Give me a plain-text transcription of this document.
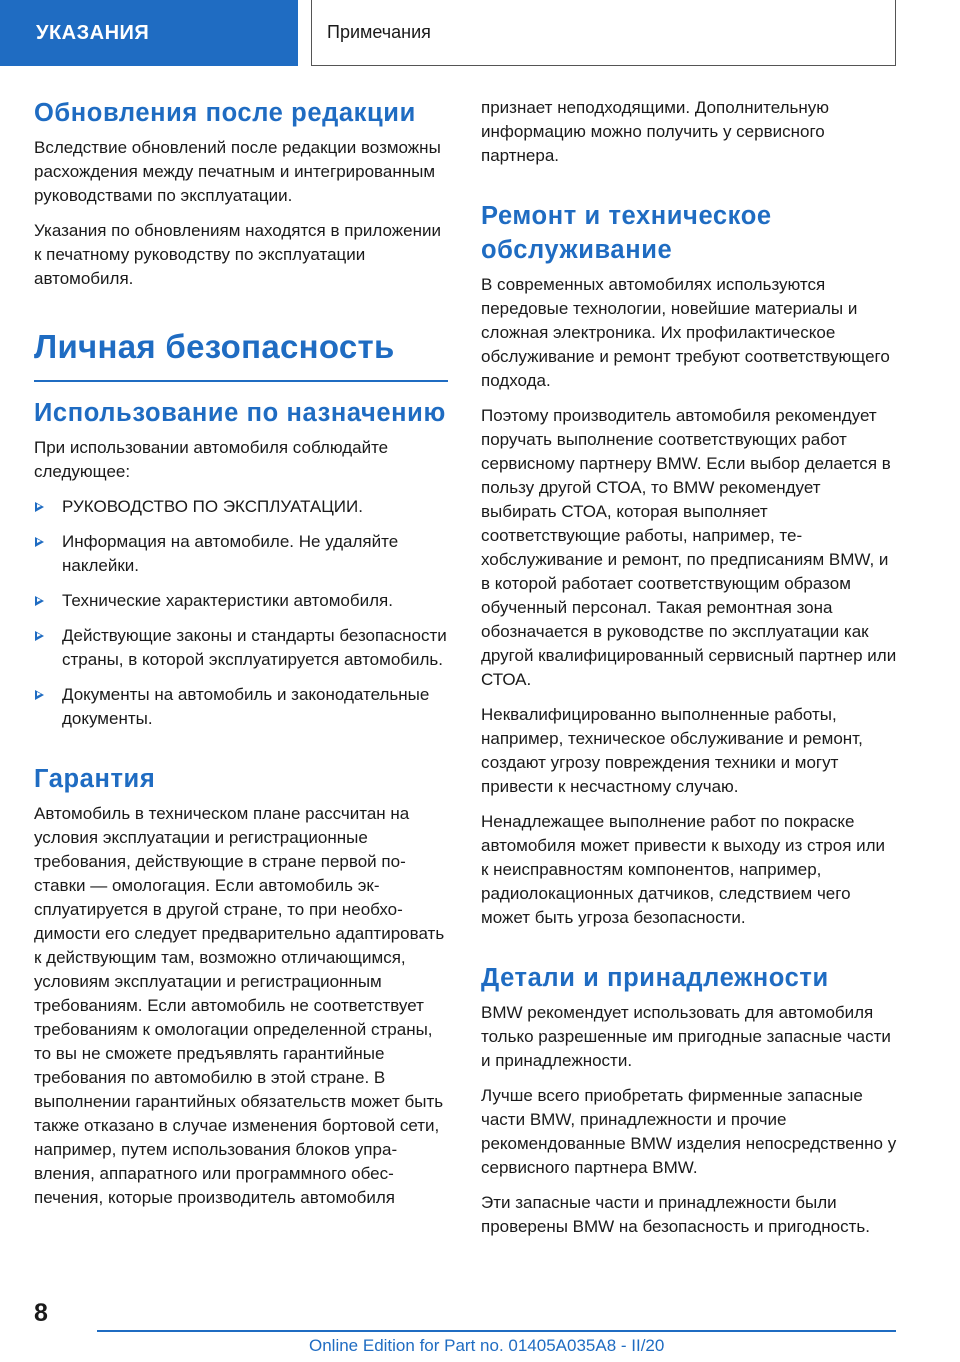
УКАЗАНИЯ	Примечания
Обновления после редакции

Вследствие обновлений после редакции возможны расхождения между печатным и интегрированным руководствами по эксплуатации.

Указания по обновлениям находятся в приложении к печатному руководству по эксплуатации автомобиля.

Личная безопасность
Использование по назначению

При использовании автомобиля соблюдайте следующее:

РУКОВОДСТВО ПО ЭКСПЛУАТАЦИИ.
Информация на автомобиле. Не удаляйте наклейки.
Технические характеристики автомобиля.
Действующие законы и стандарты безопасности страны, в которой эксплуатируется автомобиль.
Документы на автомобиль и законодательные документы.
Гарантия

Автомобиль в техническом плане рассчитан на условия эксплуатации и регистрационные требования, действующие в стране первой поставки — омологация. Если автомобиль эксплуатируется в другой стране, то при необходимости его следует предварительно адаптировать к действующим там, возможно отличающимся, условиям эксплуатации и регистрационным требованиям. Если автомобиль не соответствует требованиям к омологации определенной страны, то вы не сможете предъявлять гарантийные требования по автомобилю в этой стране. В выполнении гарантийных обязательств может быть также отказано в случае изменения бортовой сети, например, путем использования блоков управления, аппаратного или программного обеспечения, которые производитель автомобиля

признает неподходящими. Дополнительную информацию можно получить у сервисного партнера.

Ремонт и техническое обслуживание

В современных автомобилях используются передовые технологии, новейшие материалы и сложная электроника. Их профилактическое обслуживание и ремонт требуют соответствующего подхода.

Поэтому производитель автомобиля рекомендует поручать выполнение соответствующих работ сервисному партнеру BMW. Если выбор делается в пользу другой СТОА, то BMW рекомендует выбирать СТОА, которая выполняет соответствующие работы, например, техобслуживание и ремонт, по предписаниям BMW, и в которой работает соответствующим образом обученный персонал. Такая ремонтная зона обозначается в руководстве по эксплуатации как другой квалифицированный сервисный партнер или СТОА.

Неквалифицированно выполненные работы, например, техническое обслуживание и ремонт, создают угрозу повреждения техники и могут привести к несчастному случаю.

Ненадлежащее выполнение работ по покраске автомобиля может привести к выходу из строя или к неисправностям компонентов, например, радиолокационных датчиков, следствием чего может быть угроза безопасности.

Детали и принадлежности

BMW рекомендует использовать для автомобиля только разрешенные им пригодные запасные части и принадлежности.

Лучше всего приобретать фирменные запасные части BMW, принадлежности и прочие рекомендованные BMW изделия непосредственно у сервисного партнера BMW.

Эти запасные части и принадлежности были проверены BMW на безопасность и пригодность.

8
Online Edition for Part no. 01405A035A8 - II/20
